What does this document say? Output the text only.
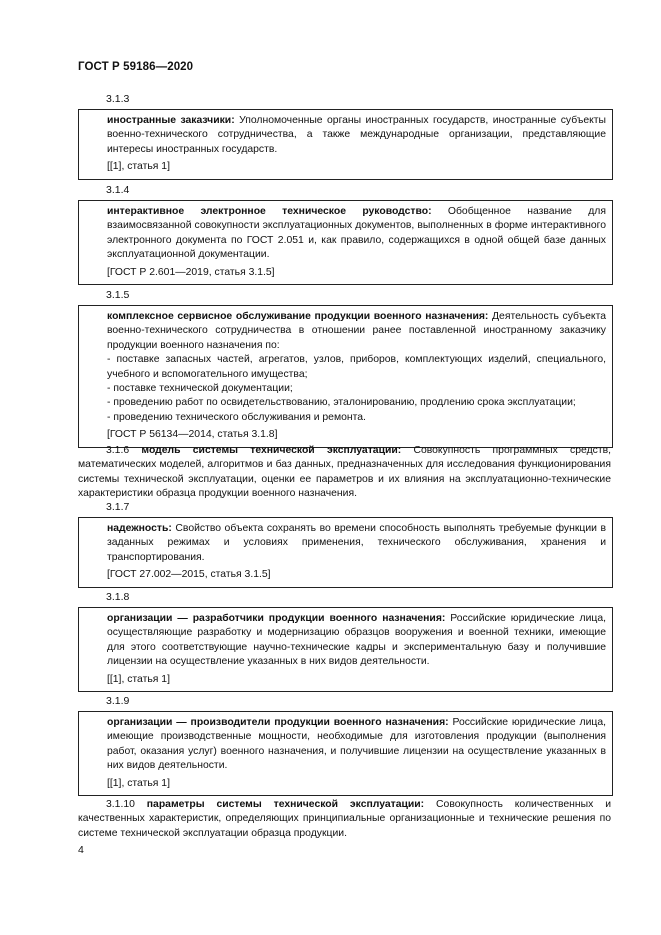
ГОСТ Р 59186—2020
3.1.3

иностранные заказчики: Уполномоченные органы иностранных государств, иностранные субъекты военно-технического сотрудничества, а также международные организации, представляющие интересы иностранных государств.

[[1], статья 1]

3.1.4

интерактивное электронное техническое руководство: Обобщенное название для взаимосвязанной совокупности эксплуатационных документов, выполненных в форме интерактивного электронного документа по ГОСТ 2.051 и, как правило, содержащихся в одной общей базе данных эксплуатационной документации.

[ГОСТ Р 2.601—2019, статья 3.1.5]

3.1.5

комплексное сервисное обслуживание продукции военного назначения: Деятельность субъекта военно-технического сотрудничества в отношении ранее поставленной иностранному заказчику продукции военного назначения по:

- поставке запасных частей, агрегатов, узлов, приборов, комплектующих изделий, специального, учебного и вспомогательного имущества;
- поставке технической документации;
- проведению работ по освидетельствованию, эталонированию, продлению срока эксплуатации;
- проведению технического обслуживания и ремонта.

[ГОСТ Р 56134—2014, статья 3.1.8]

3.1.6 модель системы технической эксплуатации: Совокупность программных средств, математических моделей, алгоритмов и баз данных, предназначенных для исследования функционирования системы технической эксплуатации, оценки ее параметров и их влияния на эксплуатационно-технические характеристики образца продукции военного назначения.

3.1.7

надежность: Свойство объекта сохранять во времени способность выполнять требуемые функции в заданных режимах и условиях применения, технического обслуживания, хранения и транспортирования.

[ГОСТ 27.002—2015, статья 3.1.5]

3.1.8

организации — разработчики продукции военного назначения: Российские юридические лица, осуществляющие разработку и модернизацию образцов вооружения и военной техники, имеющие для этого соответствующие научно-технические кадры и экспериментальную базу и получившие лицензии на осуществление указанных в них видов деятельности.

[[1], статья 1]

3.1.9

организации — производители продукции военного назначения: Российские юридические лица, имеющие производственные мощности, необходимые для изготовления продукции (выполнения работ, оказания услуг) военного назначения, и получившие лицензии на осуществление указанных в них видов деятельности.

[[1], статья 1]

3.1.10 параметры системы технической эксплуатации: Совокупность количественных и качественных характеристик, определяющих принципиальные организационные и технические решения по системе технической эксплуатации образца продукции.

4
